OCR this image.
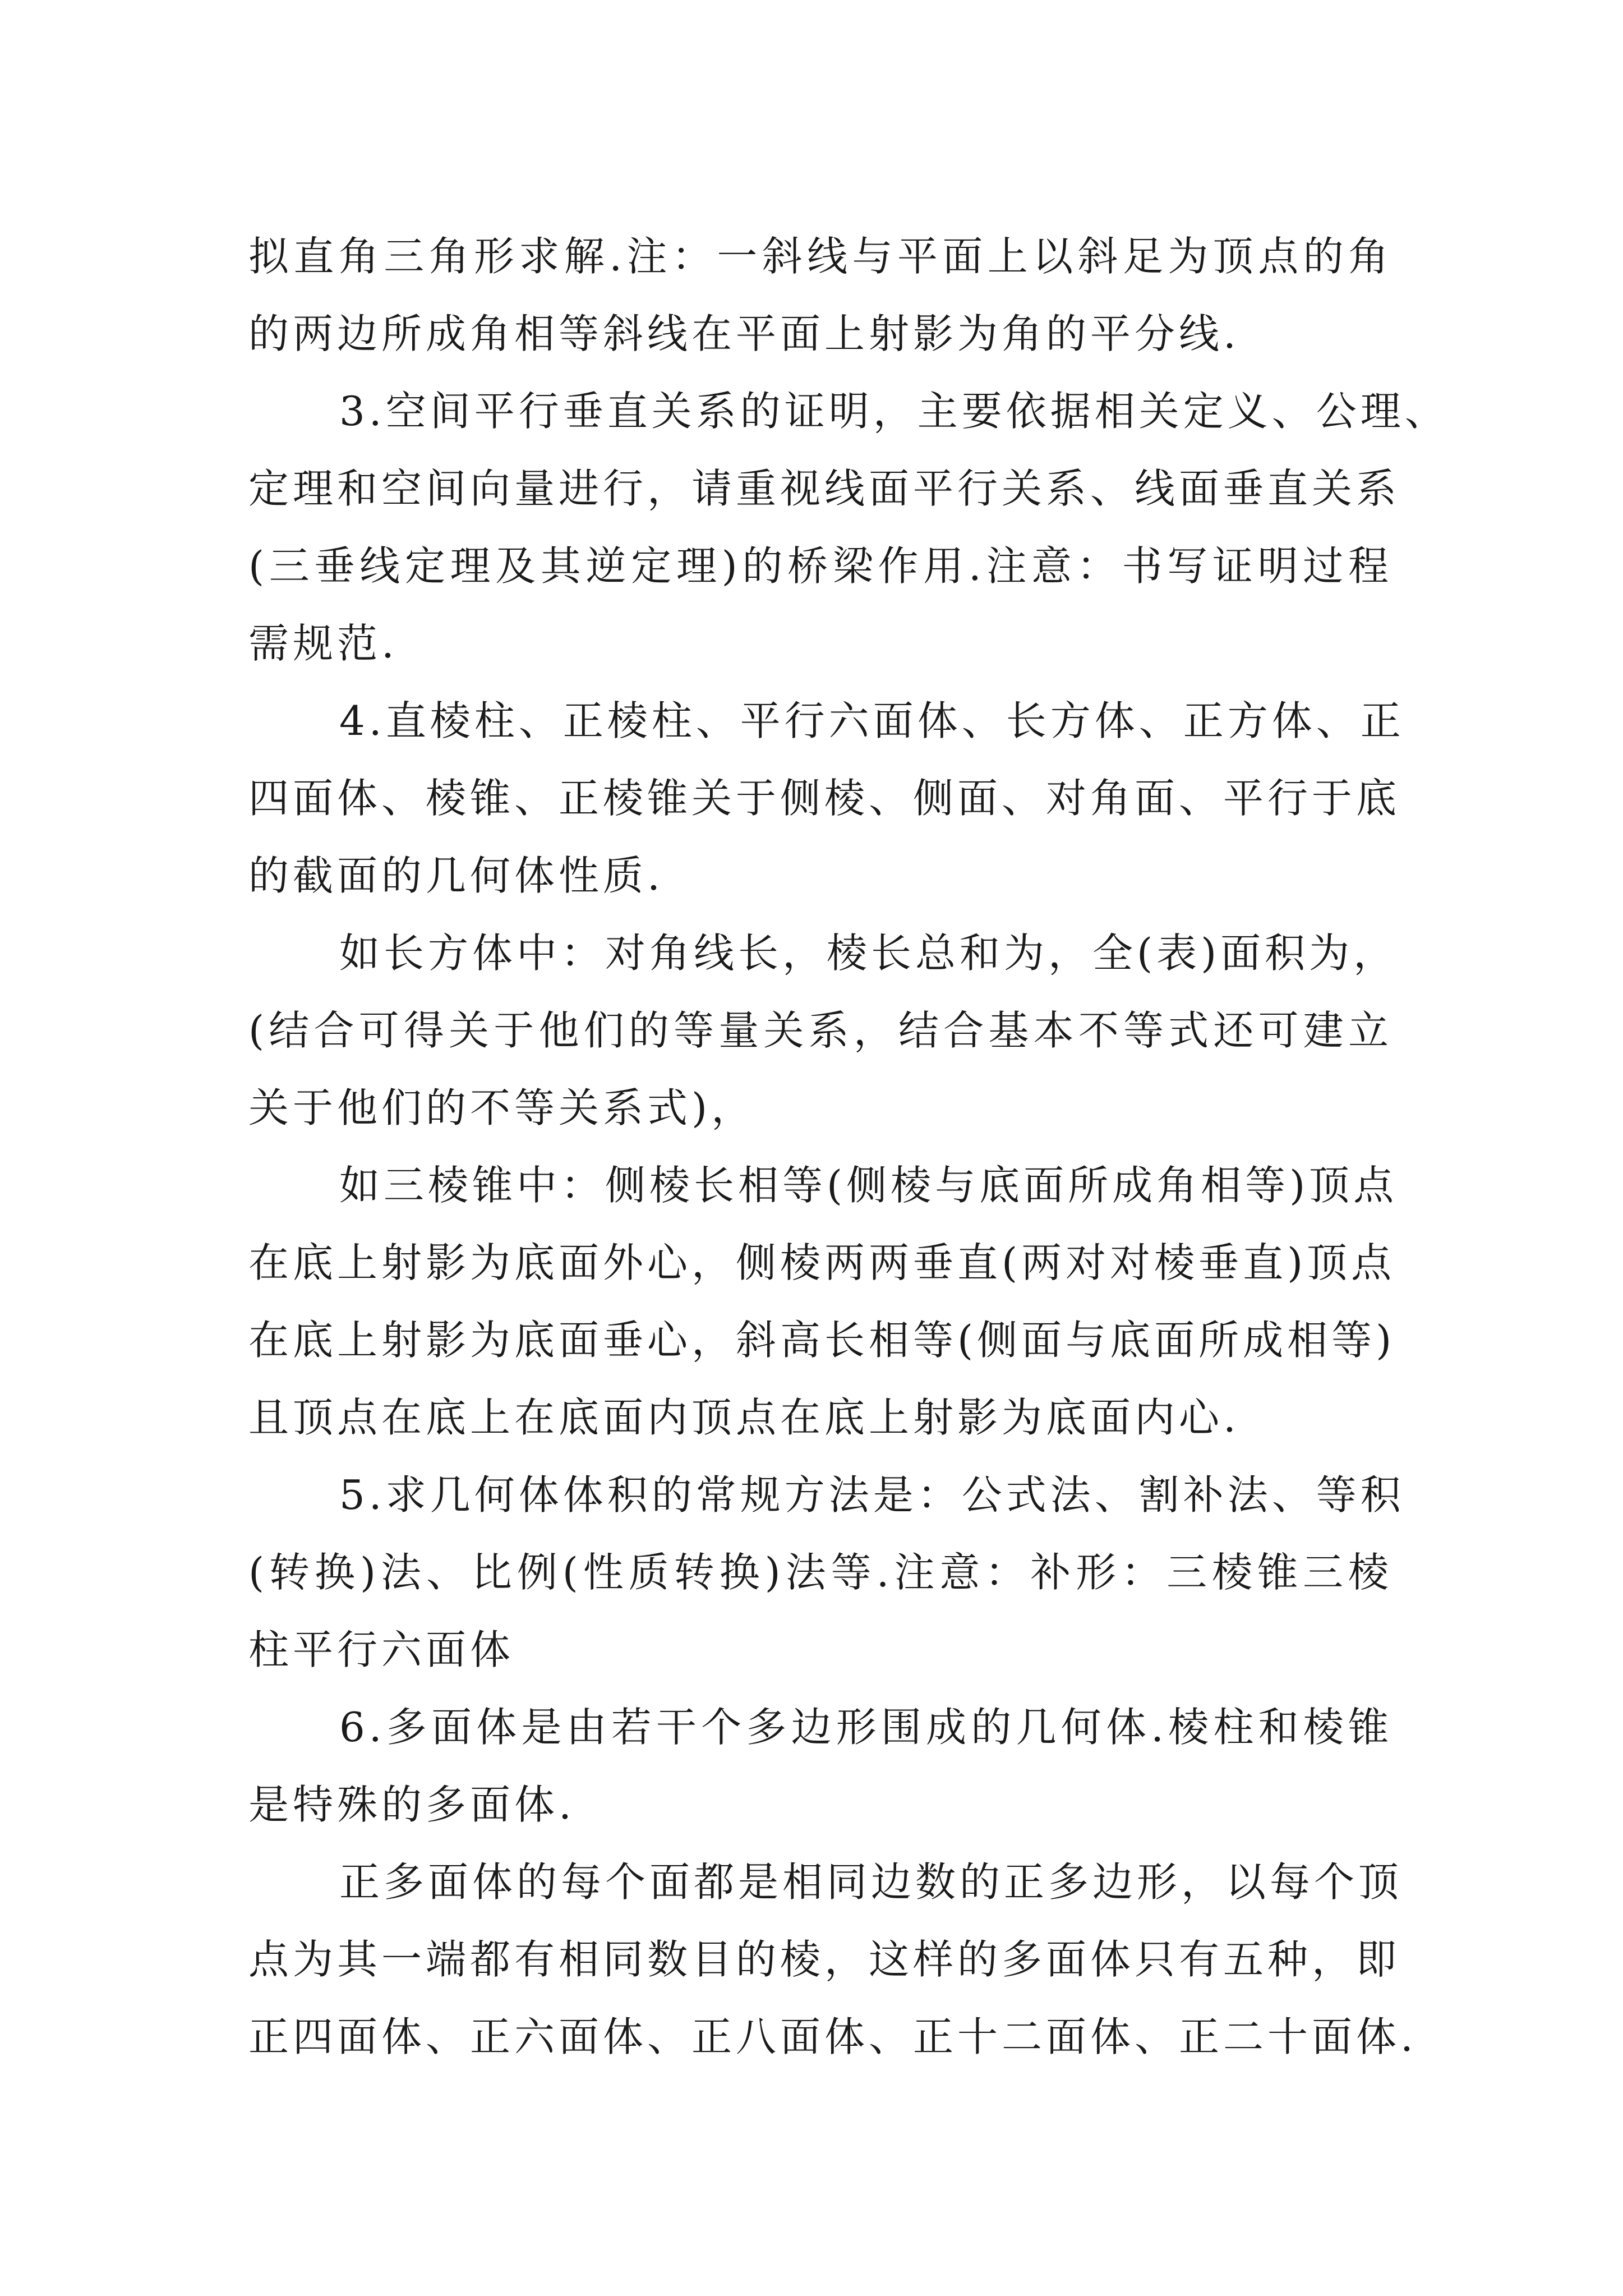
拟直角三角形求解.注：一斜线与平面上以斜足为顶点的角
的两边所成角相等斜线在平面上射影为角的平分线.
3.空间平行垂直关系的证明，主要依据相关定义、公理、
定理和空间向量进行，请重视线面平行关系、线面垂直关系
(三垂线定理及其逆定理)的桥梁作用.注意：书写证明过程
需规范.
4.直棱柱、正棱柱、平行六面体、长方体、正方体、正
四面体、棱锥、正棱锥关于侧棱、侧面、对角面、平行于底
的截面的几何体性质.
如长方体中：对角线长，棱长总和为，全(表)面积为，
(结合可得关于他们的等量关系，结合基本不等式还可建立
关于他们的不等关系式)，
如三棱锥中：侧棱长相等(侧棱与底面所成角相等)顶点
在底上射影为底面外心，侧棱两两垂直(两对对棱垂直)顶点
在底上射影为底面垂心，斜高长相等(侧面与底面所成相等)
且顶点在底上在底面内顶点在底上射影为底面内心.
5.求几何体体积的常规方法是：公式法、割补法、等积
(转换)法、比例(性质转换)法等.注意：补形：三棱锥三棱
柱平行六面体
6.多面体是由若干个多边形围成的几何体.棱柱和棱锥
是特殊的多面体.
正多面体的每个面都是相同边数的正多边形，以每个顶
点为其一端都有相同数目的棱，这样的多面体只有五种，即
正四面体、正六面体、正八面体、正十二面体、正二十面体.
